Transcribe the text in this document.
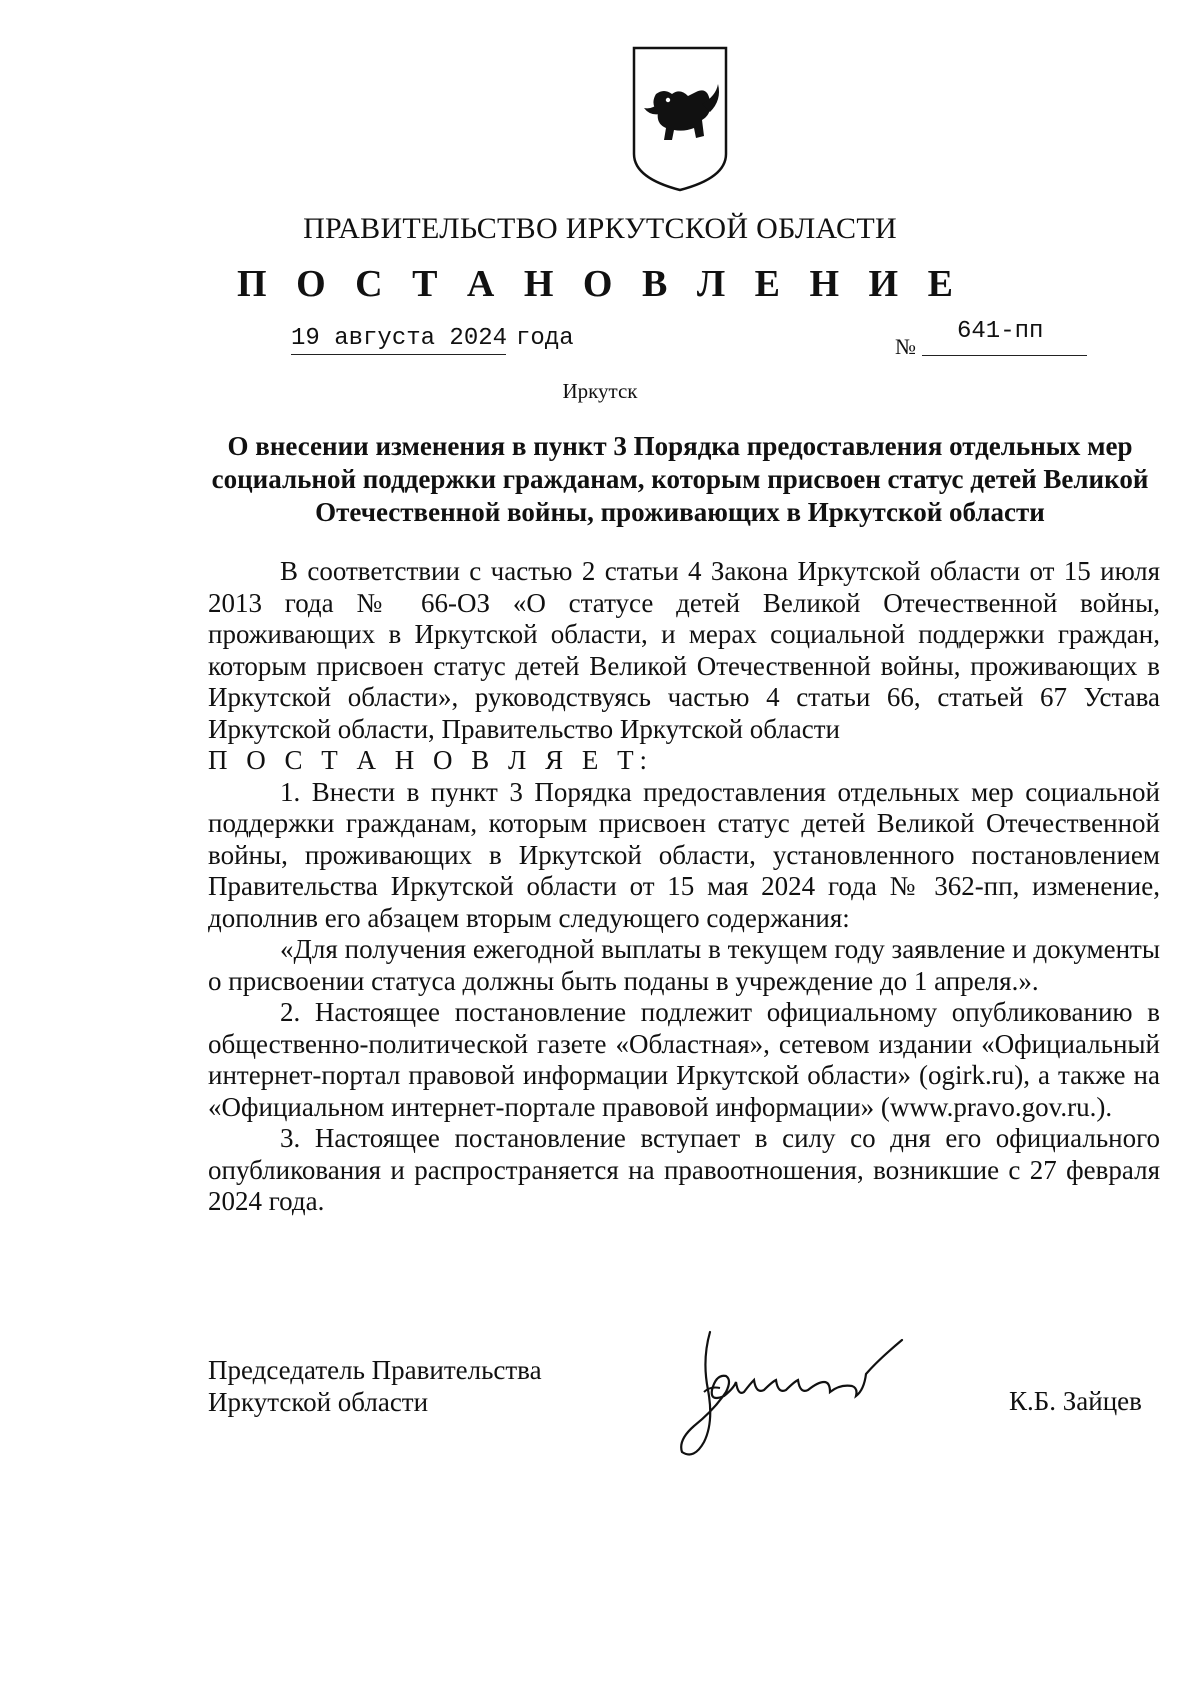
ПРАВИТЕЛЬСТВО ИРКУТСКОЙ ОБЛАСТИ
П О С Т А Н О В Л Е Н И Е
19 августа 2024 года	№
641-пп
Иркутск
О внесении изменения в пункт 3 Порядка предоставления отдельных мер социальной поддержки гражданам, которым присвоен статус детей Великой Отечественной войны, проживающих в Иркутской области

В соответствии с частью 2 статьи 4 Закона Иркутской области от 15 июля 2013 года № 66-ОЗ «О статусе детей Великой Отечественной войны, проживающих в Иркутской области, и мерах социальной поддержки граждан, которым присвоен статус детей Великой Отечественной войны, проживающих в Иркутской области», руководствуясь частью 4 статьи 66, статьей 67 Устава Иркутской области, Правительство Иркутской области

П О С Т А Н О В Л Я Е Т:

1. Внести в пункт 3 Порядка предоставления отдельных мер социальной поддержки гражданам, которым присвоен статус детей Великой Отечественной войны, проживающих в Иркутской области, установленного постановлением Правительства Иркутской области от 15 мая 2024 года № 362-пп, изменение, дополнив его абзацем вторым следующего содержания:

«Для получения ежегодной выплаты в текущем году заявление и документы о присвоении статуса должны быть поданы в учреждение до 1 апреля.».

2. Настоящее постановление подлежит официальному опубликованию в общественно-политической газете «Областная», сетевом издании «Официальный интернет-портал правовой информации Иркутской области» (ogirk.ru), а также на «Официальном интернет-портале правовой информации» (www.pravo.gov.ru.).

3. Настоящее постановление вступает в силу со дня его официального опубликования и распространяется на правоотношения, возникшие с 27 февраля 2024 года.

Председатель Правительства
Иркутской области	К.Б. Зайцев
